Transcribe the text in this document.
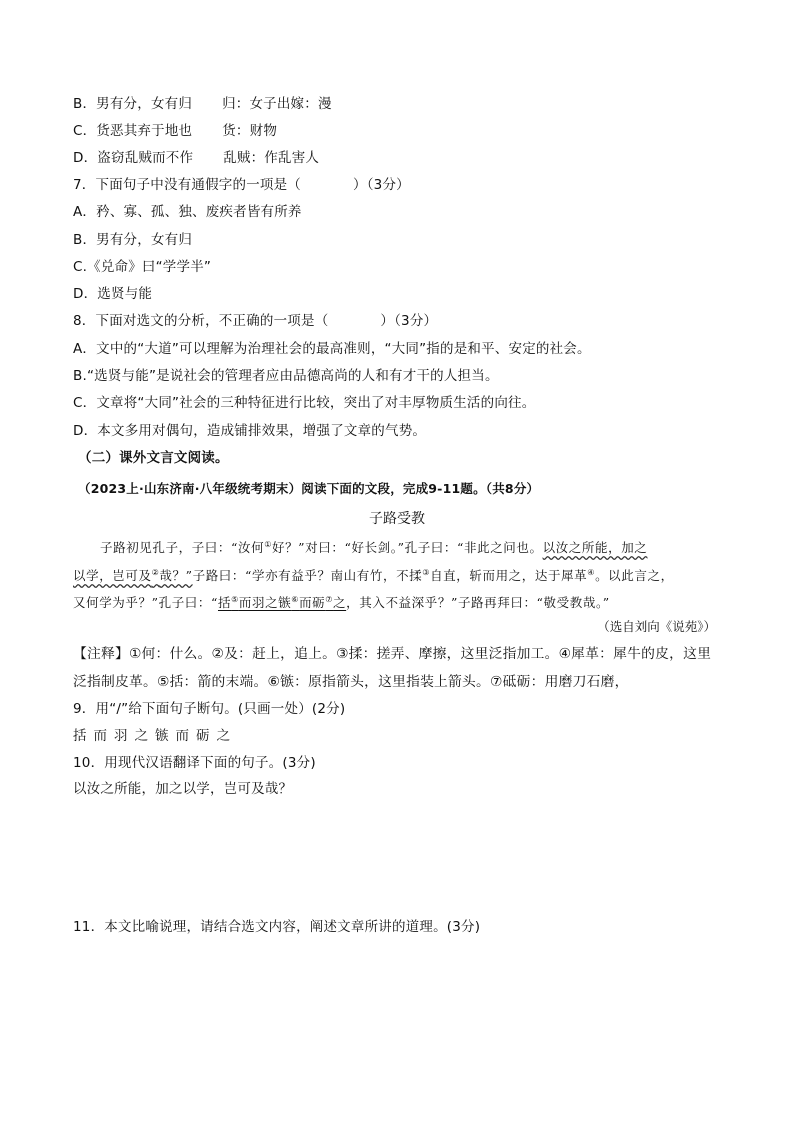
B．男有分，女有归 归：女子出嫁：漫
C．货恶其弃于地也 货：财物
D．盗窃乱贼而不作 乱贼：作乱害人
7．下面句子中没有通假字的一项是（	）（3分）
A．矜、寡、孤、独、废疾者皆有所养
B．男有分，女有归
C.《兑命》曰“学学半”
D．选贤与能
8．下面对选文的分析，不正确的一项是（	）（3分）
A．文中的“大道”可以理解为治理社会的最高准则，“大同”指的是和平、安定的社会。
B.“选贤与能”是说社会的管理者应由品德高尚的人和有才干的人担当。
C．文章将“大同”社会的三种特征进行比较，突出了对丰厚物质生活的向往。
D．本文多用对偶句，造成铺排效果，增强了文章的气势。
（二）课外文言文阅读。
（2023上·山东济南·八年级统考期末）阅读下面的文段，完成9-11题。（共8分）
子路受教
子路初见孔子，子曰：“汝何①好？”对曰：“好长剑。”孔子曰：“非此之问也。以汝之所能，加之
以学，岂可及②哉？”子路曰：“学亦有益乎？南山有竹，不揉③自直，斩而用之，达于犀革④。以此言之，
又何学为乎？”孔子曰：“括⑤而羽之镞⑥而砺⑦之，其入不益深乎？”子路再拜曰：“敬受教哉。”
（选自刘向《说苑》）
【注释】①何：什么。②及：赶上，追上。③揉：搓弄、摩擦，这里泛指加工。④犀革：犀牛的皮，这里
泛指制皮革。⑤括：箭的末端。⑥镞：原指箭头，这里指装上箭头。⑦砥砺：用磨刀石磨，
9．用“/”给下面句子断句。(只画一处）(2分)
括而羽之镞而砺之
10．用现代汉语翻译下面的句子。(3分)
以汝之所能，加之以学，岂可及哉？
11．本文比喻说理，请结合选文内容，阐述文章所讲的道理。(3分)
